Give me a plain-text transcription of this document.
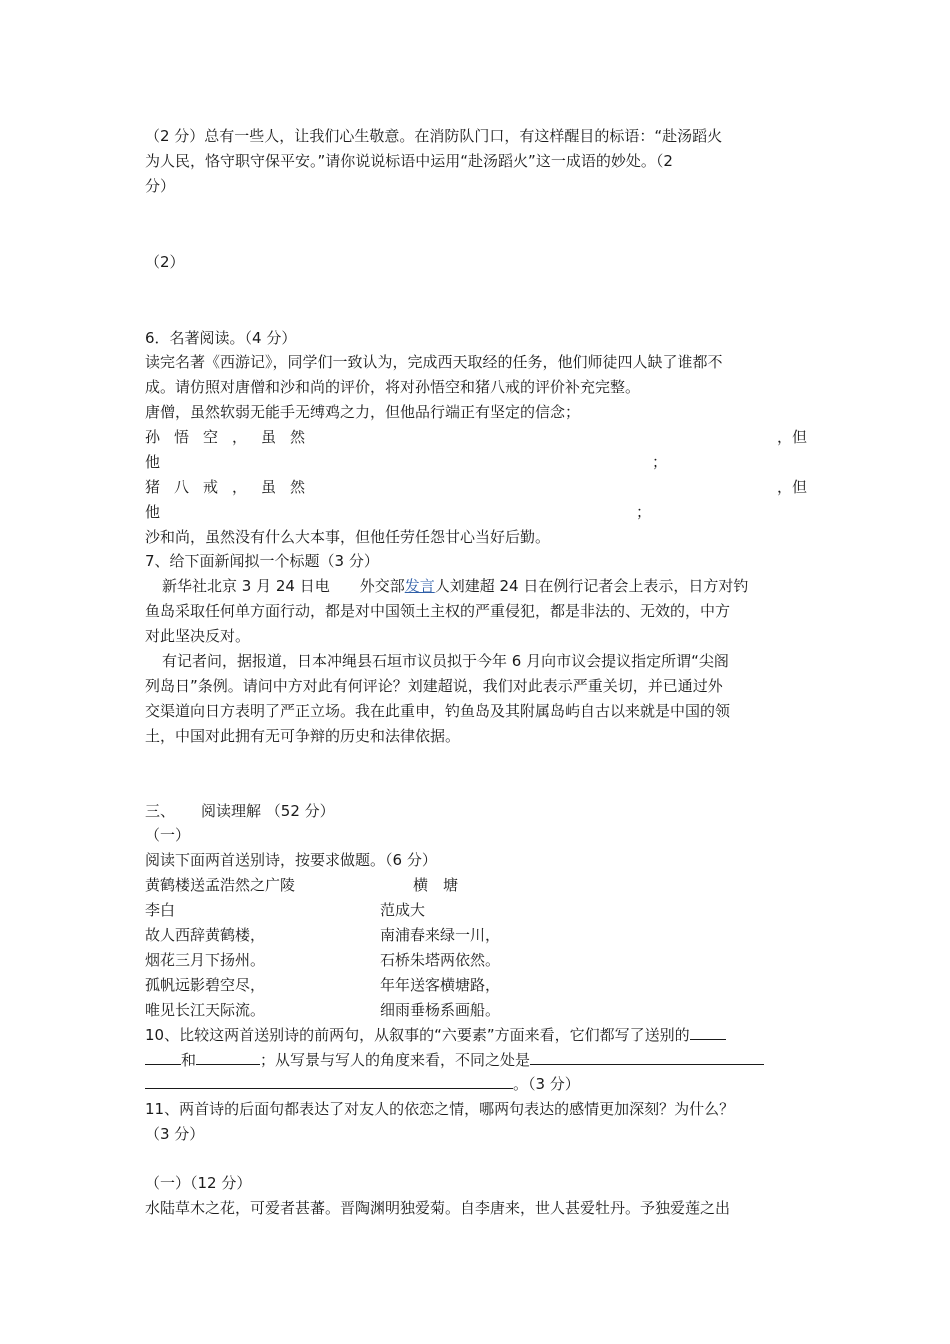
（2 分）总有一些人，让我们心生敬意。在消防队门口，有这样醒目的标语：“赴汤蹈火
为人民，恪守职守保平安。”请你说说标语中运用“赴汤蹈火”这一成语的妙处。（2
分）
（2）
6．名著阅读。（4 分）
读完名著《西游记》，同学们一致认为，完成西天取经的任务，他们师徒四人缺了谁都不
成。请仿照对唐僧和沙和尚的评价，将对孙悟空和猪八戒的评价补充完整。
唐僧，虽然软弱无能手无缚鸡之力，但他品行端正有坚定的信念；
孙悟空，虽然	，但
他	；
猪八戒，虽然	，但
他	；
沙和尚，虽然没有什么大本事，但他任劳任怨甘心当好后勤。
7、给下面新闻拟一个标题（3 分）
新华社北京 3 月 24 日电　　外交部发言人刘建超 24 日在例行记者会上表示，日方对钓
鱼岛采取任何单方面行动，都是对中国领土主权的严重侵犯，都是非法的、无效的，中方
对此坚决反对。
有记者问，据报道，日本冲绳县石垣市议员拟于今年 6 月向市议会提议指定所谓“尖阁
列岛日”条例。请问中方对此有何评论？刘建超说，我们对此表示严重关切，并已通过外
交渠道向日方表明了严正立场。我在此重申，钓鱼岛及其附属岛屿自古以来就是中国的领
土，中国对此拥有无可争辩的历史和法律依据。
三、 阅读理解 （52 分）
（一）
阅读下面两首送别诗，按要求做题。（6 分）
黄鹤楼送孟浩然之广陵	横　塘
李白	范成大
故人西辞黄鹤楼，	南浦春来绿一川，
烟花三月下扬州。	石桥朱塔两依然。
孤帆远影碧空尽，	年年送客横塘路，
唯见长江天际流。	细雨垂杨系画船。
10、比较这两首送别诗的前两句，从叙事的“六要素”方面来看，它们都写了送别的
和	；从写景与写人的角度来看，不同之处是
。（3 分）
11、两首诗的后面句都表达了对友人的依恋之情，哪两句表达的感情更加深刻？为什么？
（3 分）
（一）（12 分）
水陆草木之花，可爱者甚蕃。晋陶渊明独爱菊。自李唐来，世人甚爱牡丹。予独爱莲之出
